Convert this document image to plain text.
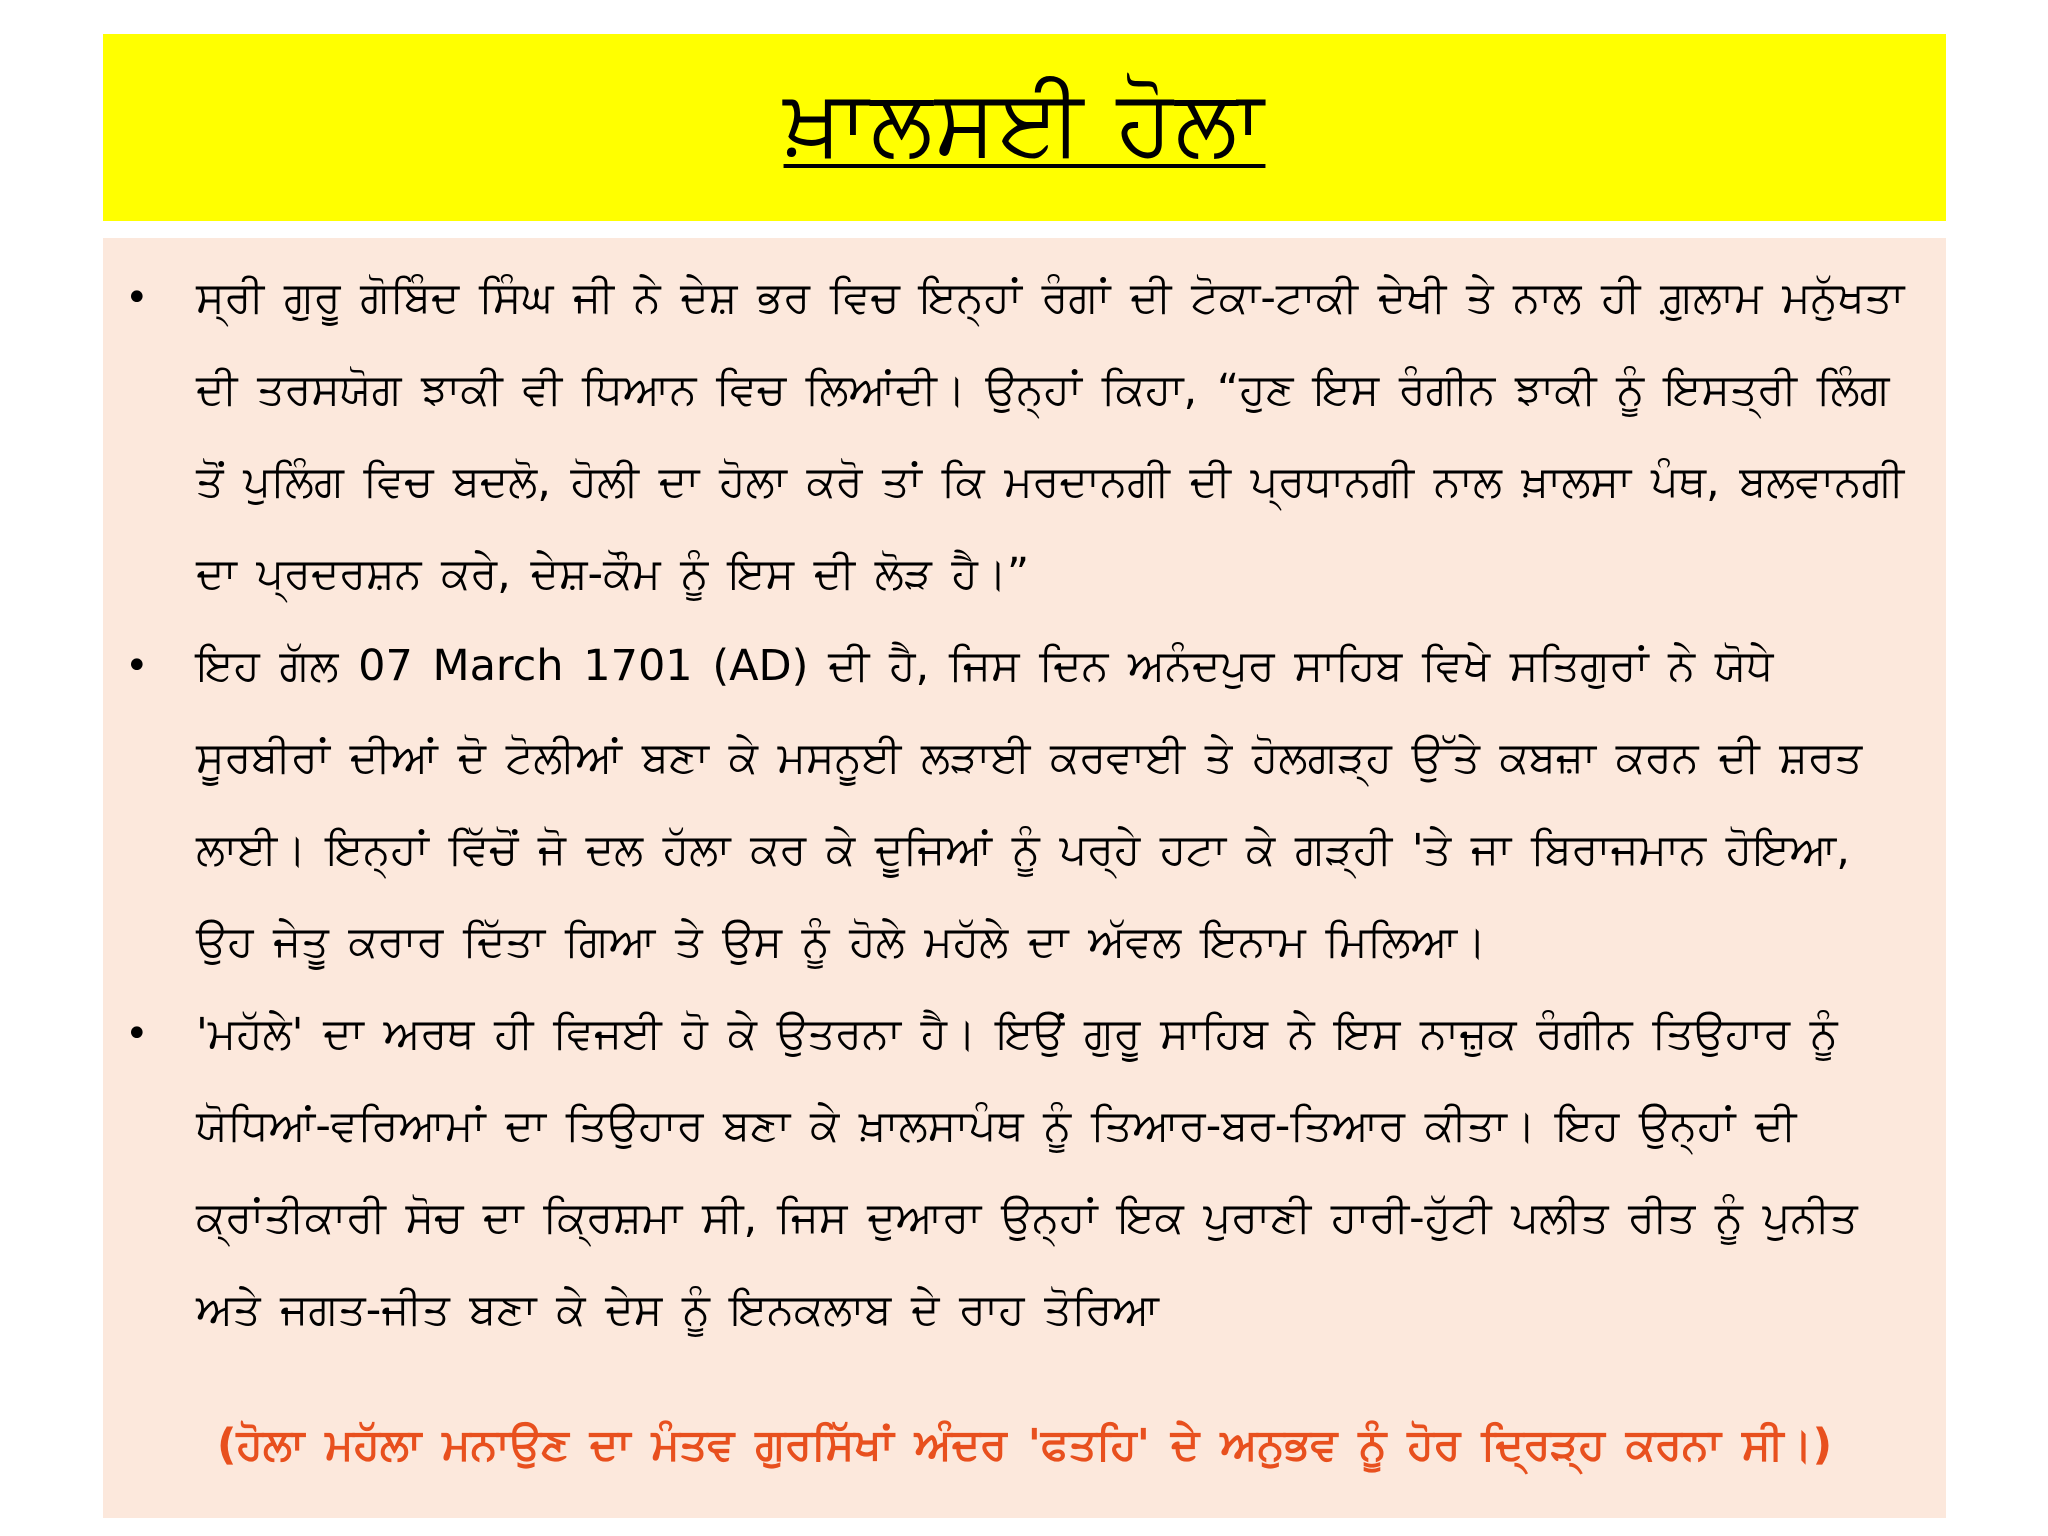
ਖ਼ਾਲਸਈ ਹੋਲਾ
• ਸ੍ਰੀ ਗੁਰੂ ਗੋਬਿੰਦ ਸਿੰਘ ਜੀ ਨੇ ਦੇਸ਼ ਭਰ ਵਿਚ ਇਨ੍ਹਾਂ ਰੰਗਾਂ ਦੀ ਟੋਕਾ-ਟਾਕੀ ਦੇਖੀ ਤੇ ਨਾਲ ਹੀ ਗ਼ੁਲਾਮ ਮਨੁੱਖਤਾ ਦੀ ਤਰਸਯੋਗ ਝਾਕੀ ਵੀ ਧਿਆਨ ਵਿਚ ਲਿਆਂਦੀ। ਉਨ੍ਹਾਂ ਕਿਹਾ, “ਹੁਣ ਇਸ ਰੰਗੀਨ ਝਾਕੀ ਨੂੰ ਇਸਤ੍ਰੀ ਲਿੰਗ ਤੋਂ ਪੁਲਿੰਗ ਵਿਚ ਬਦਲੋ, ਹੋਲੀ ਦਾ ਹੋਲਾ ਕਰੋ ਤਾਂ ਕਿ ਮਰਦਾਨਗੀ ਦੀ ਪ੍ਰਧਾਨਗੀ ਨਾਲ ਖ਼ਾਲਸਾ ਪੰਥ, ਬਲਵਾਨਗੀ ਦਾ ਪ੍ਰਦਰਸ਼ਨ ਕਰੇ, ਦੇਸ਼-ਕੌਮ ਨੂੰ ਇਸ ਦੀ ਲੋੜ ਹੈ।”
• ਇਹ ਗੱਲ 07 March 1701 (AD) ਦੀ ਹੈ, ਜਿਸ ਦਿਨ ਅਨੰਦਪੁਰ ਸਾਹਿਬ ਵਿਖੇ ਸਤਿਗੁਰਾਂ ਨੇ ਯੋਧੇ ਸੂਰਬੀਰਾਂ ਦੀਆਂ ਦੋ ਟੋਲੀਆਂ ਬਣਾ ਕੇ ਮਸਨੂਈ ਲੜਾਈ ਕਰਵਾਈ ਤੇ ਹੋਲਗੜ੍ਹ ਉੱਤੇ ਕਬਜ਼ਾ ਕਰਨ ਦੀ ਸ਼ਰਤ ਲਾਈ। ਇਨ੍ਹਾਂ ਵਿੱਚੋਂ ਜੋ ਦਲ ਹੱਲਾ ਕਰ ਕੇ ਦੂਜਿਆਂ ਨੂੰ ਪਰ੍ਹੇ ਹਟਾ ਕੇ ਗੜ੍ਹੀ 'ਤੇ ਜਾ ਬਿਰਾਜਮਾਨ ਹੋਇਆ, ਉਹ ਜੇਤੂ ਕਰਾਰ ਦਿੱਤਾ ਗਿਆ ਤੇ ਉਸ ਨੂੰ ਹੋਲੇ ਮਹੱਲੇ ਦਾ ਅੱਵਲ ਇਨਾਮ ਮਿਲਿਆ।
• 'ਮਹੱਲੇ' ਦਾ ਅਰਥ ਹੀ ਵਿਜਈ ਹੋ ਕੇ ਉਤਰਨਾ ਹੈ। ਇਉਂ ਗੁਰੂ ਸਾਹਿਬ ਨੇ ਇਸ ਨਾਜ਼ੁਕ ਰੰਗੀਨ ਤਿਉਹਾਰ ਨੂੰ ਯੋਧਿਆਂ-ਵਰਿਆਮਾਂ ਦਾ ਤਿਉਹਾਰ ਬਣਾ ਕੇ ਖ਼ਾਲਸਾਪੰਥ ਨੂੰ ਤਿਆਰ-ਬਰ-ਤਿਆਰ ਕੀਤਾ। ਇਹ ਉਨ੍ਹਾਂ ਦੀ ਕ੍ਰਾਂਤੀਕਾਰੀ ਸੋਚ ਦਾ ਕ੍ਰਿਸ਼ਮਾ ਸੀ, ਜਿਸ ਦੁਆਰਾ ਉਨ੍ਹਾਂ ਇਕ ਪੁਰਾਣੀ ਹਾਰੀ-ਹੁੱਟੀ ਪਲੀਤ ਰੀਤ ਨੂੰ ਪੁਨੀਤ ਅਤੇ ਜਗਤ-ਜੀਤ ਬਣਾ ਕੇ ਦੇਸ ਨੂੰ ਇਨਕਲਾਬ ਦੇ ਰਾਹ ਤੋਰਿਆ
(ਹੋਲਾ ਮਹੱਲਾ ਮਨਾਉਣ ਦਾ ਮੰਤਵ ਗੁਰਸਿੱਖਾਂ ਅੰਦਰ 'ਫਤਹਿ' ਦੇ ਅਨੁਭਵ ਨੂੰ ਹੋਰ ਦ੍ਰਿੜ੍ਹ ਕਰਨਾ ਸੀ।)
